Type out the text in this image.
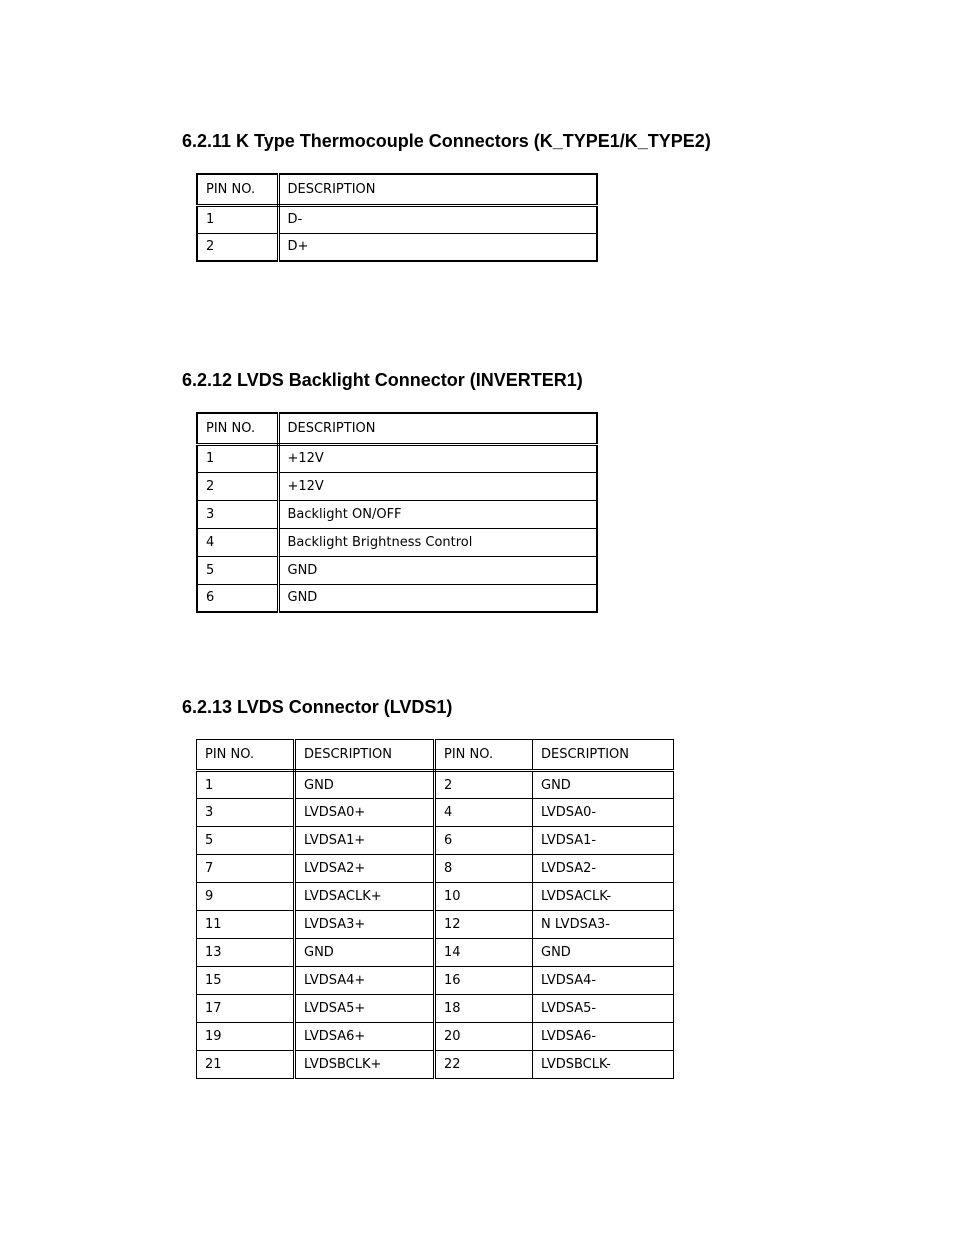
6.2.11 K Type Thermocouple Connectors (K_TYPE1/K_TYPE2)
PIN NO.	DESCRIPTION
1	D-
2	D+
6.2.12 LVDS Backlight Connector (INVERTER1)
PIN NO.	DESCRIPTION
1	+12V
2	+12V
3	Backlight ON/OFF
4	Backlight Brightness Control
5	GND
6	GND
6.2.13 LVDS Connector (LVDS1)
PIN NO.	DESCRIPTION	PIN NO.	DESCRIPTION
1	GND	2	GND
3	LVDSA0+	4	LVDSA0-
5	LVDSA1+	6	LVDSA1-
7	LVDSA2+	8	LVDSA2-
9	LVDSACLK+	10	LVDSACLK-
11	LVDSA3+	12	N LVDSA3-
13	GND	14	GND
15	LVDSA4+	16	LVDSA4-
17	LVDSA5+	18	LVDSA5-
19	LVDSA6+	20	LVDSA6-
21	LVDSBCLK+	22	LVDSBCLK-
